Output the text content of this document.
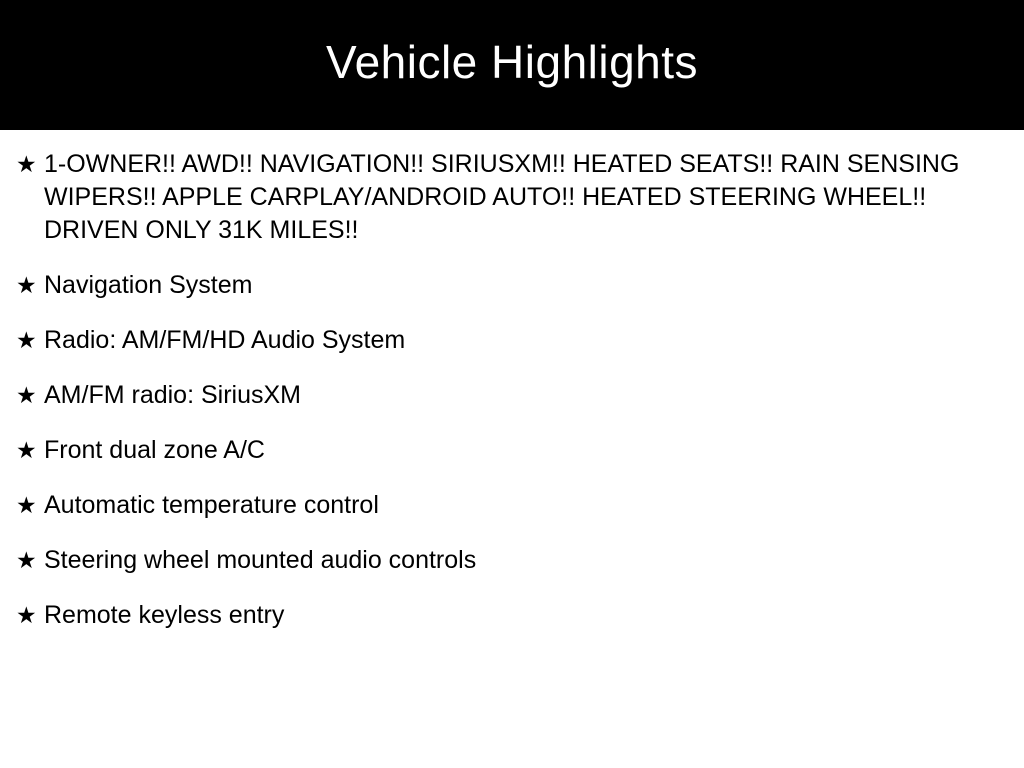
Vehicle Highlights
★ 1-OWNER!! AWD!! NAVIGATION!! SIRIUSXM!! HEATED SEATS!! RAIN SENSING WIPERS!! APPLE CARPLAY/ANDROID AUTO!! HEATED STEERING WHEEL!! DRIVEN ONLY 31K MILES!!
★ Navigation System
★ Radio: AM/FM/HD Audio System
★ AM/FM radio: SiriusXM
★ Front dual zone A/C
★ Automatic temperature control
★ Steering wheel mounted audio controls
★ Remote keyless entry
